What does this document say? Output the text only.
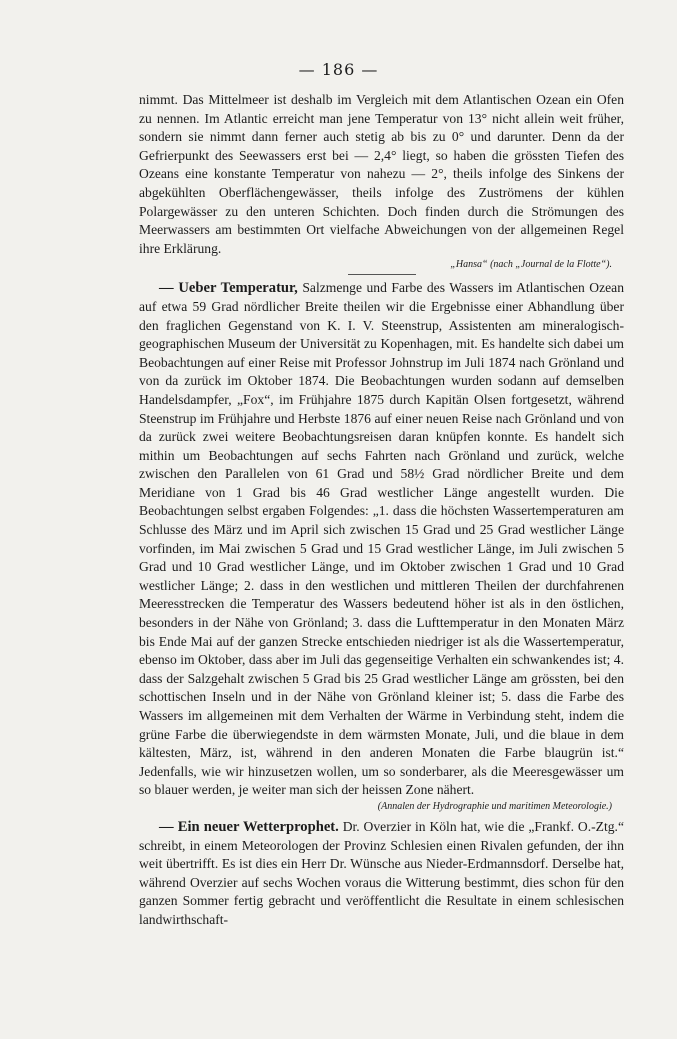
— 186 —

nimmt. Das Mittelmeer ist deshalb im Vergleich mit dem Atlantischen Ozean ein Ofen zu nennen. Im Atlantic erreicht man jene Temperatur von 13° nicht allein weit früher, sondern sie nimmt dann ferner auch stetig ab bis zu 0° und darunter. Denn da der Gefrierpunkt des Seewassers erst bei — 2,4° liegt, so haben die grössten Tiefen des Ozeans eine konstante Temperatur von nahezu — 2°, theils infolge des Sinkens der abgekühlten Oberflächengewässer, theils infolge des Zuströmens der kühlen Polargewässer zu den unteren Schichten. Doch finden durch die Strömungen des Meerwassers am bestimmten Ort vielfache Abweichungen von der allgemeinen Regel ihre Erklärung.

„Hansa“ (nach „Journal de la Flotte“).

— Ueber Temperatur, Salzmenge und Farbe des Wassers im Atlantischen Ozean auf etwa 59 Grad nördlicher Breite theilen wir die Ergebnisse einer Abhandlung über den fraglichen Gegenstand von K. I. V. Steenstrup, Assistenten am mineralogisch-geographischen Museum der Universität zu Kopenhagen, mit. Es handelte sich dabei um Beobachtungen auf einer Reise mit Professor Johnstrup im Juli 1874 nach Grönland und von da zurück im Oktober 1874. Die Beobachtungen wurden sodann auf demselben Handelsdampfer, „Fox“, im Frühjahre 1875 durch Kapitän Olsen fortgesetzt, während Steenstrup im Frühjahre und Herbste 1876 auf einer neuen Reise nach Grönland und von da zurück zwei weitere Beobachtungsreisen daran knüpfen konnte. Es handelt sich mithin um Beobachtungen auf sechs Fahrten nach Grönland und zurück, welche zwischen den Parallelen von 61 Grad und 58½ Grad nördlicher Breite und dem Meridiane von 1 Grad bis 46 Grad westlicher Länge angestellt wurden. Die Beobachtungen selbst ergaben Folgendes: „1. dass die höchsten Wassertemperaturen am Schlusse des März und im April sich zwischen 15 Grad und 25 Grad westlicher Länge vorfinden, im Mai zwischen 5 Grad und 15 Grad westlicher Länge, im Juli zwischen 5 Grad und 10 Grad westlicher Länge, und im Oktober zwischen 1 Grad und 10 Grad westlicher Länge; 2. dass in den westlichen und mittleren Theilen der durchfahrenen Meeresstrecken die Temperatur des Wassers bedeutend höher ist als in den östlichen, besonders in der Nähe von Grönland; 3. dass die Lufttemperatur in den Monaten März bis Ende Mai auf der ganzen Strecke entschieden niedriger ist als die Wassertemperatur, ebenso im Oktober, dass aber im Juli das gegenseitige Verhalten ein schwankendes ist; 4. dass der Salzgehalt zwischen 5 Grad bis 25 Grad westlicher Länge am grössten, bei den schottischen Inseln und in der Nähe von Grönland kleiner ist; 5. dass die Farbe des Wassers im allgemeinen mit dem Verhalten der Wärme in Verbindung steht, indem die grüne Farbe die überwiegendste in dem wärmsten Monate, Juli, und die blaue in dem kältesten, März, ist, während in den anderen Monaten die Farbe blaugrün ist.“ Jedenfalls, wie wir hinzusetzen wollen, um so sonderbarer, als die Meeresgewässer um so blauer werden, je weiter man sich der heissen Zone nähert.

(Annalen der Hydrographie und maritimen Meteorologie.)

— Ein neuer Wetterprophet. Dr. Overzier in Köln hat, wie die „Frankf. O.-Ztg.“ schreibt, in einem Meteorologen der Provinz Schlesien einen Rivalen gefunden, der ihn weit übertrifft. Es ist dies ein Herr Dr. Wünsche aus Nieder-Erdmannsdorf. Derselbe hat, während Overzier auf sechs Wochen voraus die Witterung bestimmt, dies schon für den ganzen Sommer fertig gebracht und veröffentlicht die Resultate in einem schlesischen landwirthschaft-
